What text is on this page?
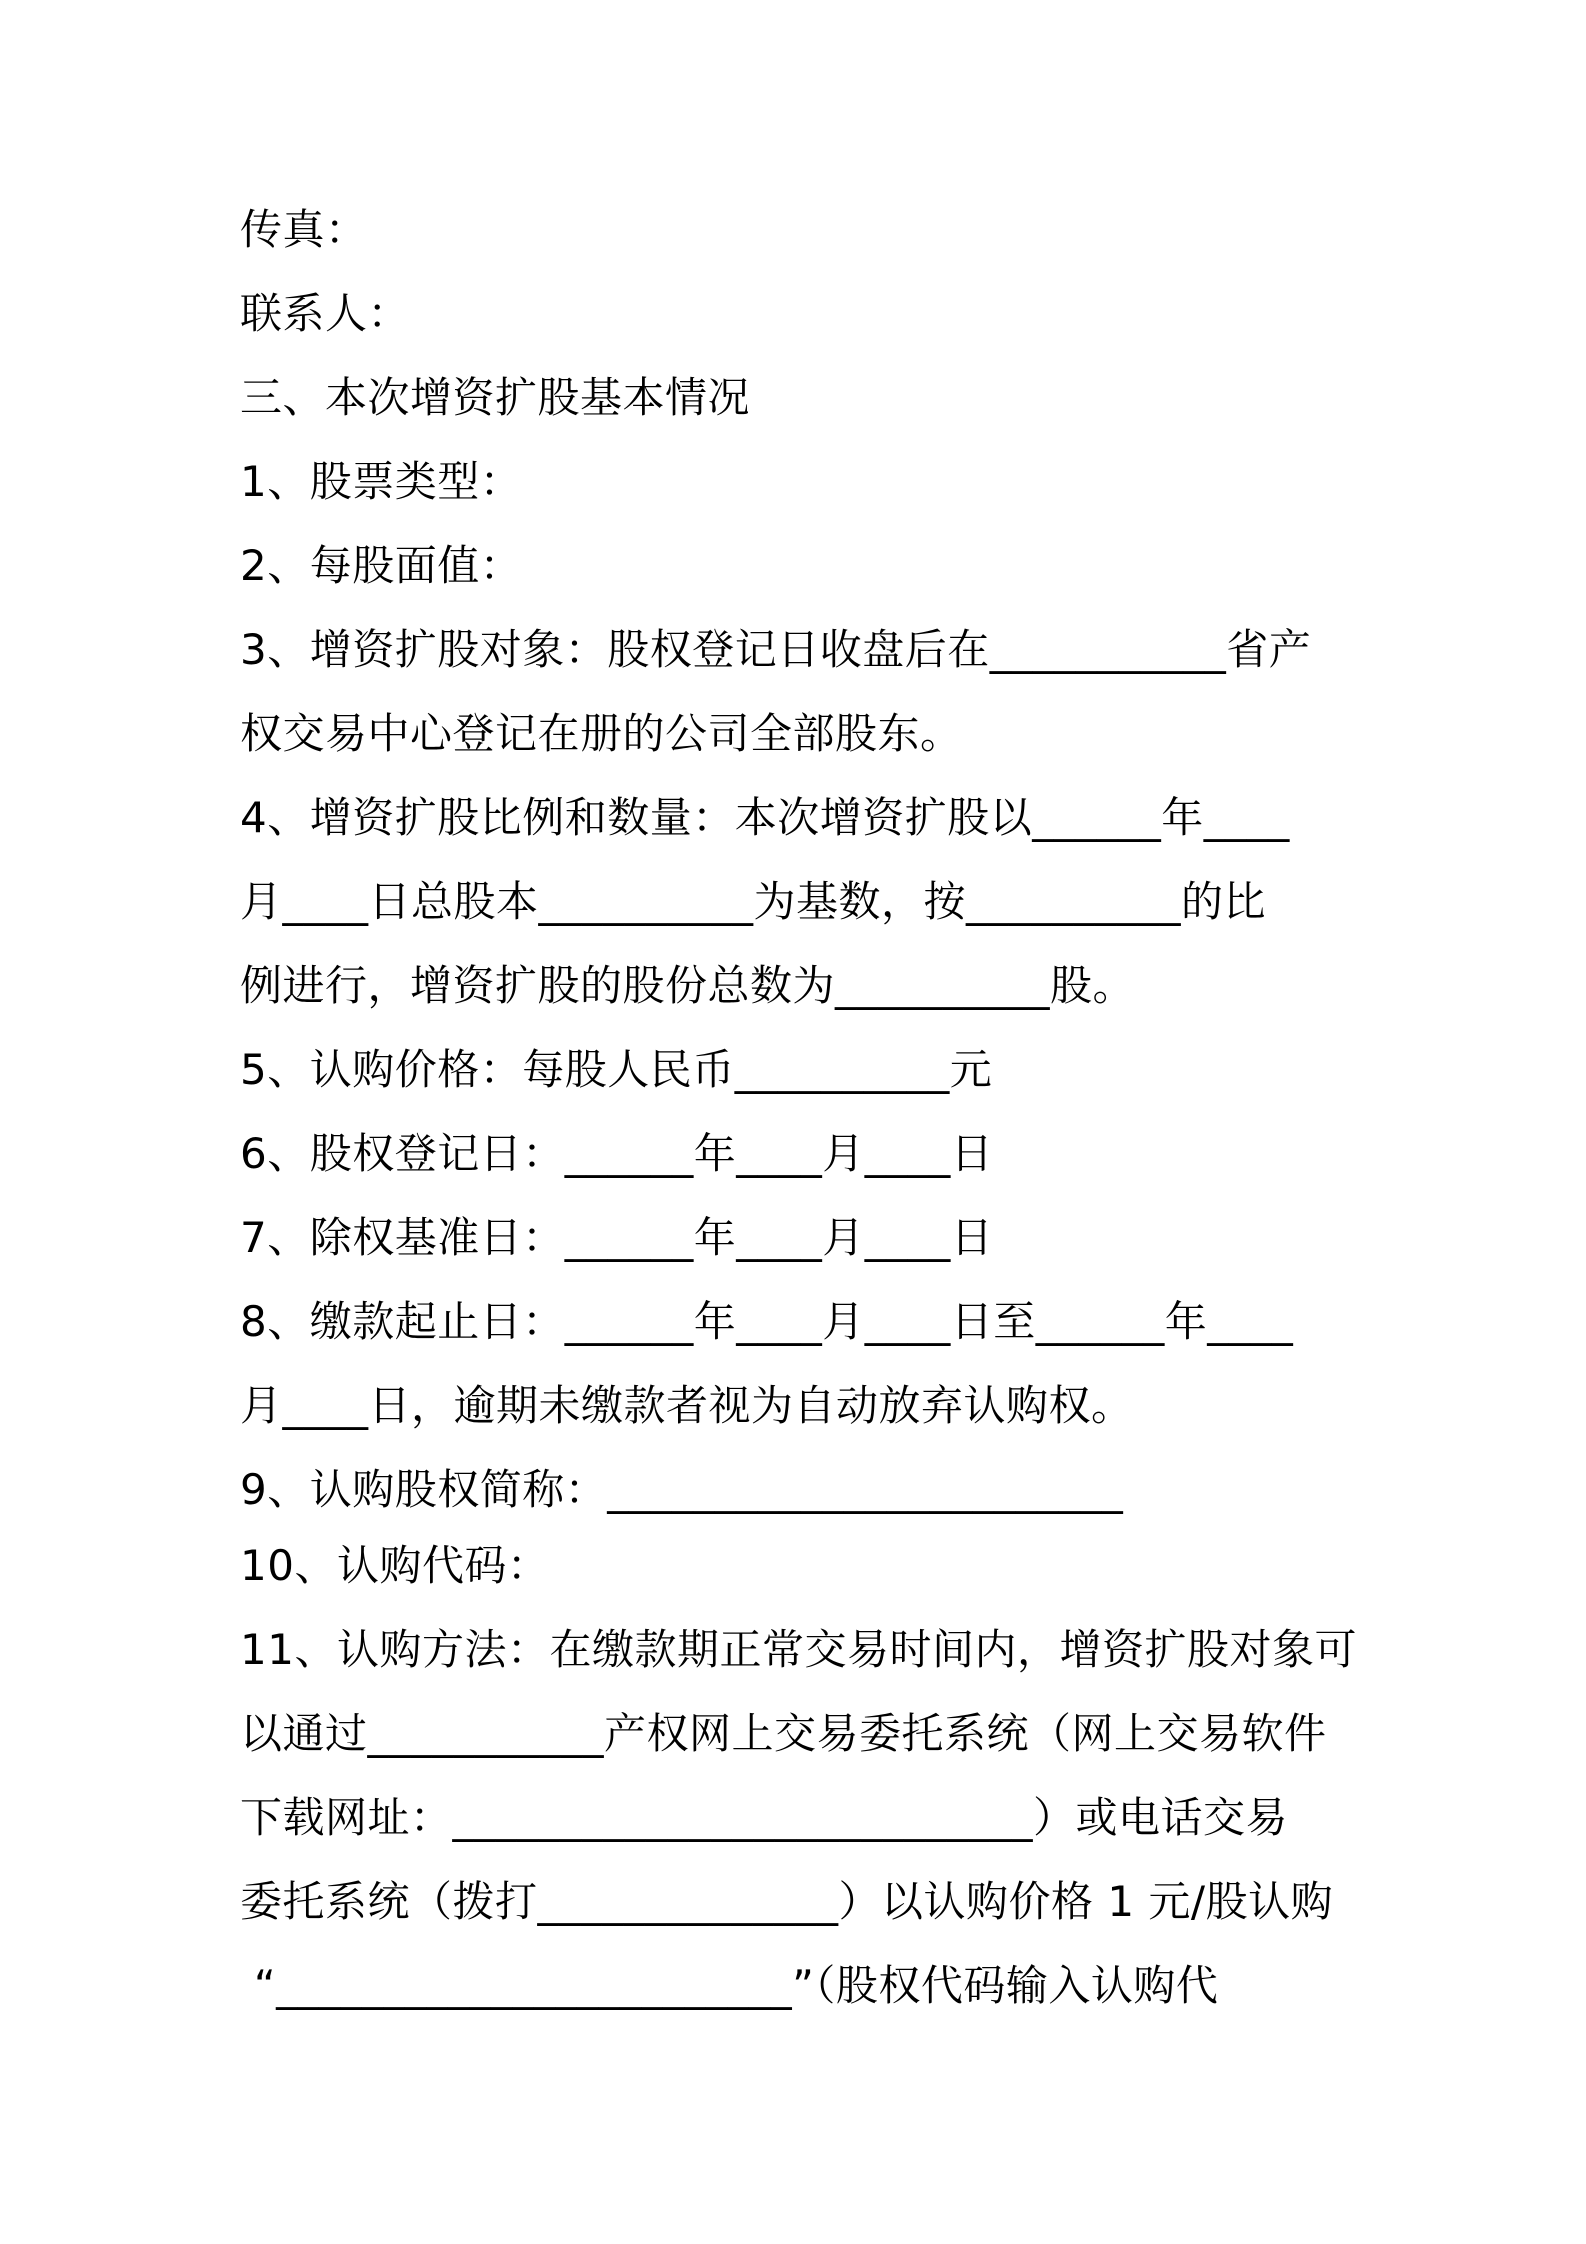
传真：
联系人：
三、本次增资扩股基本情况
1、股票类型：
2、每股面值：
3、增资扩股对象：股权登记日收盘后在___________省产
权交易中心登记在册的公司全部股东。
4、增资扩股比例和数量：本次增资扩股以______年____
月____日总股本__________为基数，按__________的比
例进行，增资扩股的股份总数为__________股。
5、认购价格：每股人民币__________元
6、股权登记日：______年____月____日
7、除权基准日：______年____月____日
8、缴款起止日：______年____月____日至______年____
月____日，逾期未缴款者视为自动放弃认购权。
9、认购股权简称：________________________
10、认购代码：
11、认购方法：在缴款期正常交易时间内，增资扩股对象可
以通过___________产权网上交易委托系统（网上交易软件
下载网址：___________________________）或电话交易
委托系统（拨打______________）以认购价格 1 元/股认购
“________________________”（股权代码输入认购代
